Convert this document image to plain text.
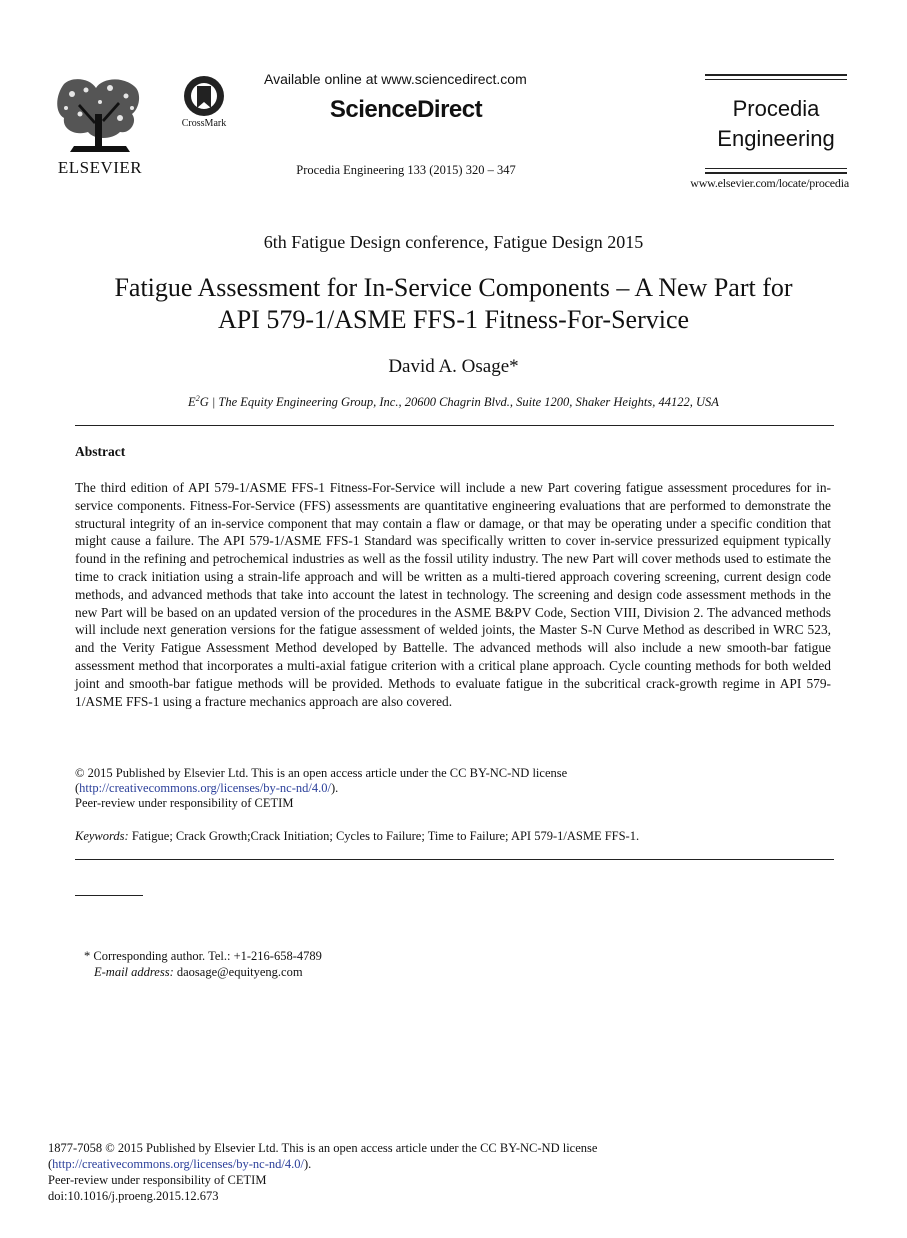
ELSEVIER
CrossMark
Available online at www.sciencedirect.com
ScienceDirect
Procedia Engineering 133 (2015) 320 – 347
Procedia
Engineering
www.elsevier.com/locate/procedia
6th Fatigue Design conference, Fatigue Design 2015
Fatigue Assessment for In-Service Components – A New Part for
API 579-1/ASME FFS-1 Fitness-For-Service
David A. Osage*
$E^2G$ | The Equity Engineering Group, Inc., 20600 Chagrin Blvd., Suite 1200, Shaker Heights, 44122, USA
Abstract
The third edition of API 579-1/ASME FFS-1 Fitness-For-Service will include a new Part covering fatigue assessment procedures for in-service components. Fitness-For-Service (FFS) assessments are quantitative engineering evaluations that are performed to demonstrate the structural integrity of an in-service component that may contain a flaw or damage, or that may be operating under a specific condition that might cause a failure. The API 579-1/ASME FFS-1 Standard was specifically written to cover in-service pressurized equipment typically found in the refining and petrochemical industries as well as the fossil utility industry. The new Part will cover methods used to estimate the time to crack initiation using a strain-life approach and will be written as a multi-tiered approach covering screening, current design code methods, and advanced methods that take into account the latest in technology. The screening and design code assessment methods in the new Part will be based on an updated version of the procedures in the ASME B&PV Code, Section VIII, Division 2. The advanced methods will include next generation versions for the fatigue assessment of welded joints, the Master S-N Curve Method as described in WRC 523, and the Verity Fatigue Assessment Method developed by Battelle. The advanced methods will also include a new smooth-bar fatigue assessment method that incorporates a multi-axial fatigue criterion with a critical plane approach. Cycle counting methods for both welded joint and smooth-bar fatigue methods will be provided. Methods to evaluate fatigue in the subcritical crack-growth regime in API 579-1/ASME FFS-1 using a fracture mechanics approach are also covered.
© 2015 Published by Elsevier Ltd. This is an open access article under the CC BY-NC-ND license
(http://creativecommons.org/licenses/by-nc-nd/4.0/).
Peer-review under responsibility of CETIM
Keywords: Fatigue; Crack Growth;Crack Initiation; Cycles to Failure; Time to Failure; API 579-1/ASME FFS-1.
* Corresponding author. Tel.: +1-216-658-4789
E-mail address: daosage@equityeng.com
1877-7058 © 2015 Published by Elsevier Ltd. This is an open access article under the CC BY-NC-ND license
(http://creativecommons.org/licenses/by-nc-nd/4.0/).
Peer-review under responsibility of CETIM
doi:10.1016/j.proeng.2015.12.673
